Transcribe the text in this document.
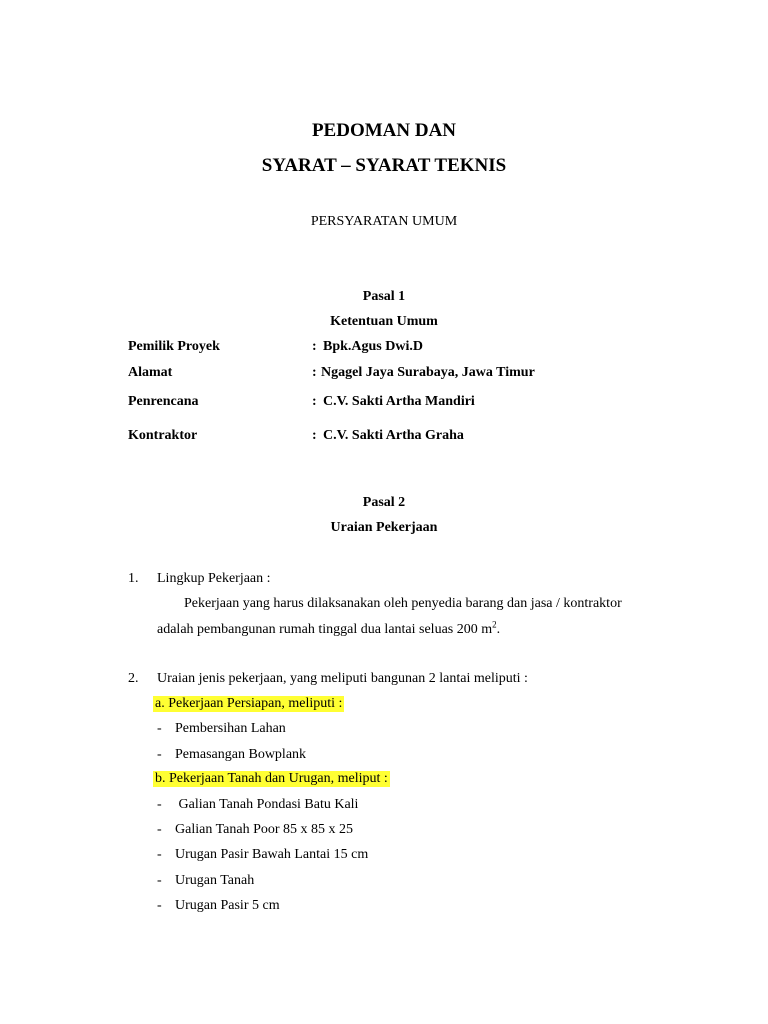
PEDOMAN DAN
SYARAT – SYARAT TEKNIS
PERSYARATAN UMUM
Pasal 1
Ketentuan Umum
Pemilik Proyek	: Bpk.Agus Dwi.D
Alamat	: Ngagel Jaya Surabaya, Jawa Timur
Penrencana	: C.V. Sakti Artha Mandiri
Kontraktor	: C.V. Sakti Artha Graha
Pasal 2
Uraian Pekerjaan
1. Lingkup Pekerjaan :
Pekerjaan yang harus dilaksanakan oleh penyedia barang dan jasa / kontraktor
adalah pembangunan rumah tinggal dua lantai seluas 200 $m^2$.
2. Uraian jenis pekerjaan, yang meliputi bangunan 2 lantai meliputi :
a. Pekerjaan Persiapan, meliputi :
- Pembersihan Lahan
- Pemasangan Bowplank
b. Pekerjaan Tanah dan Urugan, meliput :
- Galian Tanah Pondasi Batu Kali
- Galian Tanah Poor 85 x 85 x 25
- Urugan Pasir Bawah Lantai 15 cm
- Urugan Tanah
- Urugan Pasir 5 cm
